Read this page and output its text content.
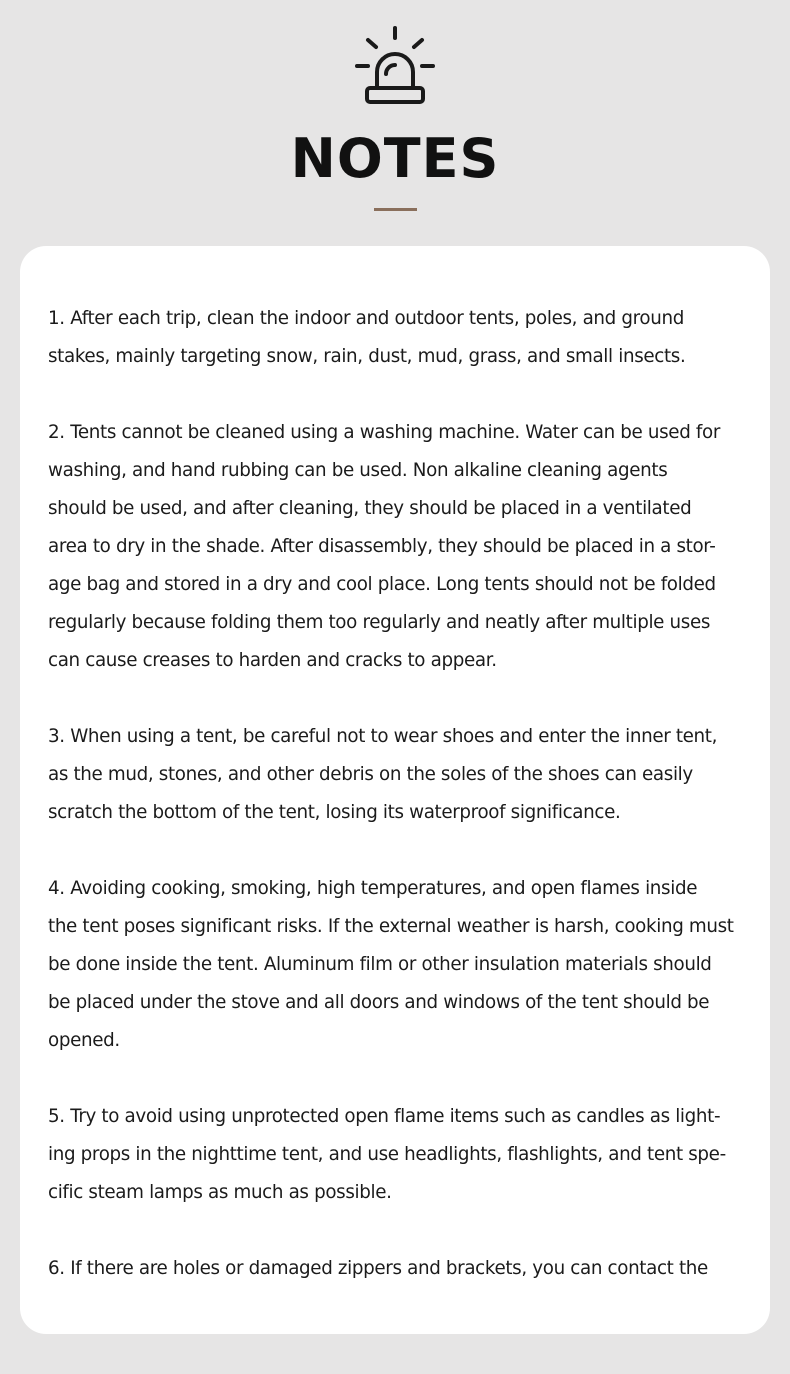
NOTES
1. After each trip, clean the indoor and outdoor tents, poles, and ground
stakes, mainly targeting snow, rain, dust, mud, grass, and small insects.
2. Tents cannot be cleaned using a washing machine. Water can be used for
washing, and hand rubbing can be used. Non alkaline cleaning agents
should be used, and after cleaning, they should be placed in a ventilated
area to dry in the shade. After disassembly, they should be placed in a stor-
age bag and stored in a dry and cool place. Long tents should not be folded
regularly because folding them too regularly and neatly after multiple uses
can cause creases to harden and cracks to appear.
3. When using a tent, be careful not to wear shoes and enter the inner tent,
as the mud, stones, and other debris on the soles of the shoes can easily
scratch the bottom of the tent, losing its waterproof significance.
4. Avoiding cooking, smoking, high temperatures, and open flames inside
the tent poses significant risks. If the external weather is harsh, cooking must
be done inside the tent. Aluminum film or other insulation materials should
be placed under the stove and all doors and windows of the tent should be
opened.
5. Try to avoid using unprotected open flame items such as candles as light-
ing props in the nighttime tent, and use headlights, flashlights, and tent spe-
cific steam lamps as much as possible.
6. If there are holes or damaged zippers and brackets, you can contact the
